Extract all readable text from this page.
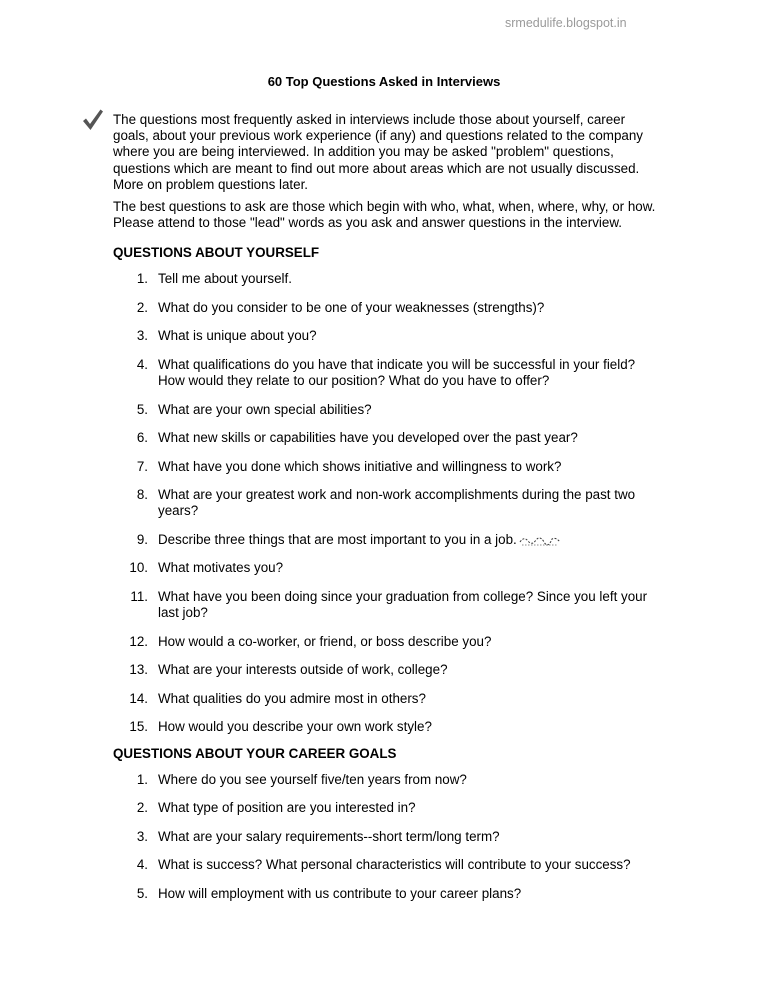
srmedulife.blogspot.in
60 Top Questions Asked in Interviews

The questions most frequently asked in interviews include those about yourself, career goals, about your previous work experience (if any) and questions related to the company where you are being interviewed. In addition you may be asked "problem" questions, questions which are meant to find out more about areas which are not usually discussed. More on problem questions later.

The best questions to ask are those which begin with who, what, when, where, why, or how. Please attend to those "lead" words as you ask and answer questions in the interview.

QUESTIONS ABOUT YOURSELF
1. Tell me about yourself.
2. What do you consider to be one of your weaknesses (strengths)?
3. What is unique about you?
4. What qualifications do you have that indicate you will be successful in your field? How would they relate to our position? What do you have to offer?
5. What are your own special abilities?
6. What new skills or capabilities have you developed over the past year?
7. What have you done which shows initiative and willingness to work?
8. What are your greatest work and non-work accomplishments during the past two years?
9. Describe three things that are most important to you in a job.
10. What motivates you?
11. What have you been doing since your graduation from college? Since you left your last job?
12. How would a co-worker, or friend, or boss describe you?
13. What are your interests outside of work, college?
14. What qualities do you admire most in others?
15. How would you describe your own work style?
QUESTIONS ABOUT YOUR CAREER GOALS
1. Where do you see yourself five/ten years from now?
2. What type of position are you interested in?
3. What are your salary requirements--short term/long term?
4. What is success? What personal characteristics will contribute to your success?
5. How will employment with us contribute to your career plans?
